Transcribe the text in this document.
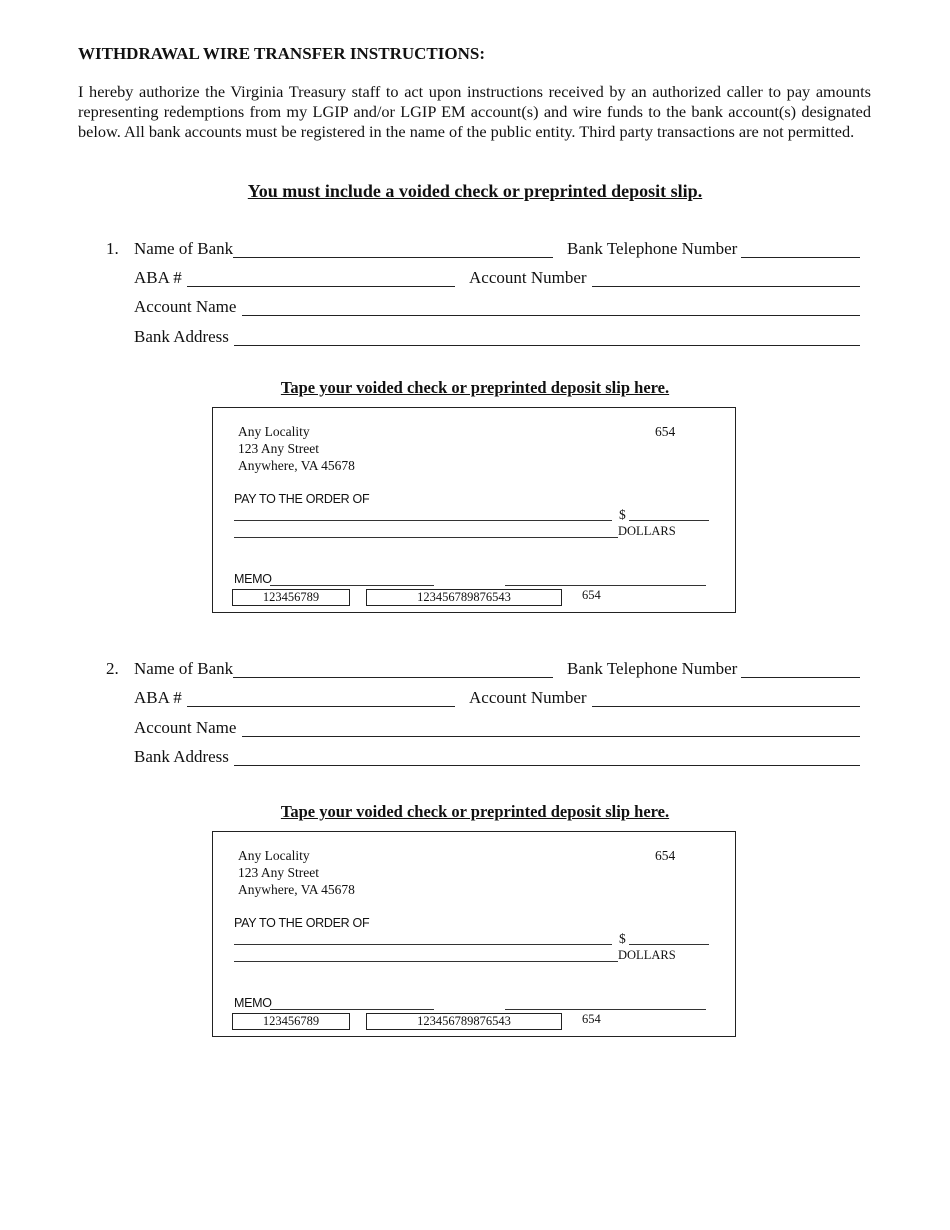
WITHDRAWAL WIRE TRANSFER INSTRUCTIONS:
I hereby authorize the Virginia Treasury staff to act upon instructions received by an authorized caller to pay amounts representing redemptions from my LGIP and/or LGIP EM account(s) and wire funds to the bank account(s) designated below. All bank accounts must be registered in the name of the public entity. Third party transactions are not permitted.
You must include a voided check or preprinted deposit slip.
1. Name of Bank	Bank Telephone Number
ABA #	Account Number
Account Name
Bank Address
Tape your voided check or preprinted deposit slip here.
Any Locality
123 Any Street
Anywhere, VA 45678
654
PAY TO THE ORDER OF
$
DOLLARS
MEMO
123456789	123456789876543	654
2. Name of Bank	Bank Telephone Number
ABA #	Account Number
Account Name
Bank Address
Tape your voided check or preprinted deposit slip here.
Any Locality
123 Any Street
Anywhere, VA 45678
654
PAY TO THE ORDER OF
$
DOLLARS
MEMO
123456789	123456789876543	654
